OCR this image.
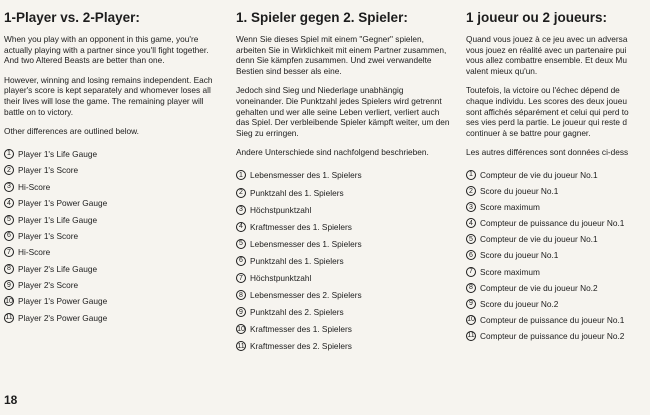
1-Player vs. 2-Player:

When you play with an opponent in this game, you're actually playing with a partner since you'll fight together. And two Altered Beasts are better than one.

However, winning and losing remains independent. Each player's score is kept separately and whomever loses all their lives will lose the game. The remaining player will battle on to victory.

Other differences are outlined below.

1 Player 1's Life Gauge
2 Player 1's Score
3 Hi-Score
4 Player 1's Power Gauge
5 Player 1's Life Gauge
6 Player 1's Score
7 Hi-Score
8 Player 2's Life Gauge
9 Player 2's Score
10 Player 1's Power Gauge
11 Player 2's Power Gauge
1. Spieler gegen 2. Spieler:

Wenn Sie dieses Spiel mit einem "Gegner" spielen, arbeiten Sie in Wirklichkeit mit einem Partner zusammen, denn Sie kämpfen zusammen. Und zwei verwandelte Bestien sind besser als eine.

Jedoch sind Sieg und Niederlage unabhängig voneinander. Die Punktzahl jedes Spielers wird getrennt gehalten und wer alle seine Leben verliert, verliert auch das Spiel. Der verbleibende Spieler kämpft weiter, um den Sieg zu erringen.

Andere Unterschiede sind nachfolgend beschrieben.

1 Lebensmesser des 1. Spielers
2 Punktzahl des 1. Spielers
3 Höchstpunktzahl
4 Kraftmesser des 1. Spielers
5 Lebensmesser des 1. Spielers
6 Punktzahl des 1. Spielers
7 Höchstpunktzahl
8 Lebensmesser des 2. Spielers
9 Punktzahl des 2. Spielers
10 Kraftmesser des 1. Spielers
11 Kraftmesser des 2. Spielers
1 joueur ou 2 joueurs:

Quand vous jouez à ce jeu avec un adversa
vous jouez en réalité avec un partenaire pui
vous allez combattre ensemble. Et deux Mu
valent mieux qu'un.

Toutefois, la victoire ou l'échec dépend de
chaque individu. Les scores des deux joueu
sont affichés séparément et celui qui perd to
ses vies perd la partie. Le joueur qui reste d
continuer à se battre pour gagner.

Les autres différences sont données ci-dess

1 Compteur de vie du joueur No.1
2 Score du joueur No.1
3 Score maximum
4 Compteur de puissance du joueur No.1
5 Compteur de vie du joueur No.1
6 Score du joueur No.1
7 Score maximum
8 Compteur de vie du joueur No.2
9 Score du joueur No.2
10 Compteur de puissance du joueur No.1
11 Compteur de puissance du joueur No.2
18
